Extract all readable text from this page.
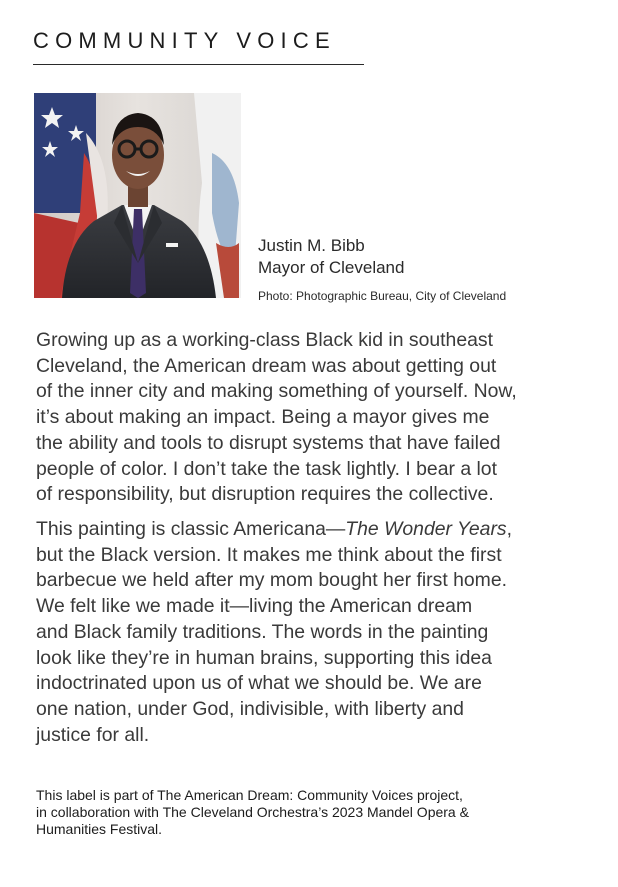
COMMUNITY VOICE
Justin M. Bibb
Mayor of Cleveland
Photo: Photographic Bureau, City of Cleveland

Growing up as a working-class Black kid in southeast
Cleveland, the American dream was about getting out
of the inner city and making something of yourself. Now,
it’s about making an impact. Being a mayor gives me
the ability and tools to disrupt systems that have failed
people of color. I don’t take the task lightly. I bear a lot
of responsibility, but disruption requires the collective.

This painting is classic Americana—The Wonder Years,
but the Black version. It makes me think about the first
barbecue we held after my mom bought her first home.
We felt like we made it—living the American dream
and Black family traditions. The words in the painting
look like they’re in human brains, supporting this idea
indoctrinated upon us of what we should be. We are
one nation, under God, indivisible, with liberty and
justice for all.

This label is part of The American Dream: Community Voices project,
in collaboration with The Cleveland Orchestra’s 2023 Mandel Opera &
Humanities Festival.
